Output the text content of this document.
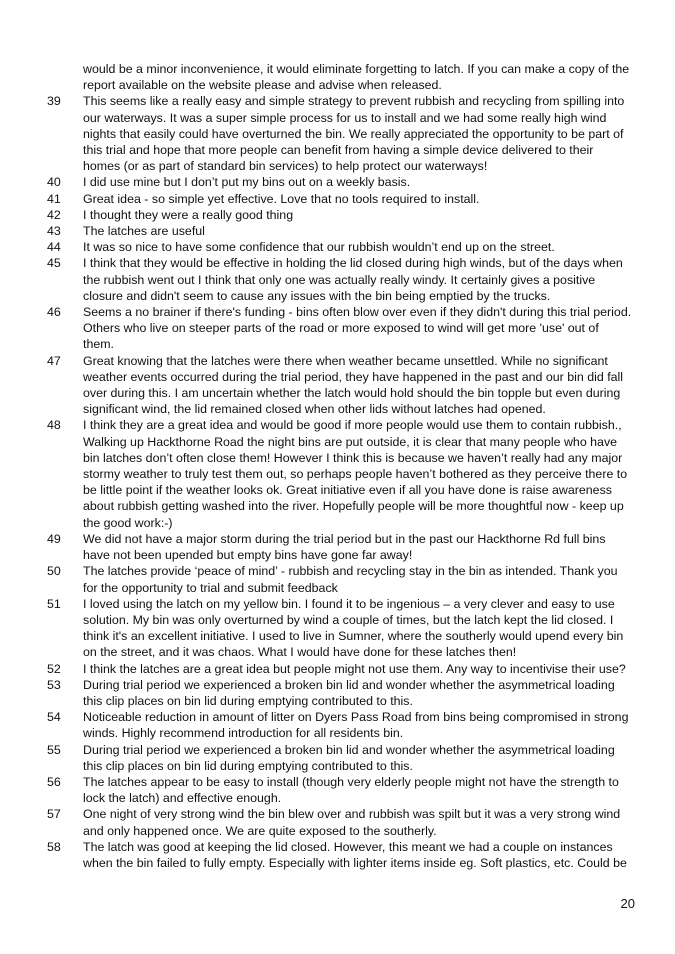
would be a minor inconvenience, it would eliminate forgetting to latch. If you can make a copy of the
report available on the website please and advise when released.
39	This seems like a really easy and simple strategy to prevent rubbish and recycling from spilling into
our waterways. It was a super simple process for us to install and we had some really high wind
nights that easily could have overturned the bin. We really appreciated the opportunity to be part of
this trial and hope that more people can benefit from having a simple device delivered to their
homes (or as part of standard bin services) to help protect our waterways!
40	I did use mine but I don’t put my bins out on a weekly basis.
41	Great idea - so simple yet effective. Love that no tools required to install.
42	I thought they were a really good thing
43	The latches are useful
44	It was so nice to have some confidence that our rubbish wouldn’t end up on the street.
45	I think that they would be effective in holding the lid closed during high winds, but of the days when
the rubbish went out I think that only one was actually really windy. It certainly gives a positive
closure and didn't seem to cause any issues with the bin being emptied by the trucks.
46	Seems a no brainer if there's funding - bins often blow over even if they didn't during this trial period.
Others who live on steeper parts of the road or more exposed to wind will get more 'use' out of
them.
47	Great knowing that the latches were there when weather became unsettled. While no significant
weather events occurred during the trial period, they have happened in the past and our bin did fall
over during this. I am uncertain whether the latch would hold should the bin topple but even during
significant wind, the lid remained closed when other lids without latches had opened.
48	I think they are a great idea and would be good if more people would use them to contain rubbish.,
Walking up Hackthorne Road the night bins are put outside, it is clear that many people who have
bin latches don’t often close them! However I think this is because we haven’t really had any major
stormy weather to truly test them out, so perhaps people haven’t bothered as they perceive there to
be little point if the weather looks ok. Great initiative even if all you have done is raise awareness
about rubbish getting washed into the river. Hopefully people will be more thoughtful now - keep up
the good work:-)
49	We did not have a major storm during the trial period but in the past our Hackthorne Rd full bins
have not been upended but empty bins have gone far away!
50	The latches provide ‘peace of mind’ - rubbish and recycling stay in the bin as intended. Thank you
for the opportunity to trial and submit feedback
51	I loved using the latch on my yellow bin. I found it to be ingenious – a very clever and easy to use
solution. My bin was only overturned by wind a couple of times, but the latch kept the lid closed. I
think it's an excellent initiative. I used to live in Sumner, where the southerly would upend every bin
on the street, and it was chaos. What I would have done for these latches then!
52	I think the latches are a great idea but people might not use them. Any way to incentivise their use?
53	During trial period we experienced a broken bin lid and wonder whether the asymmetrical loading
this clip places on bin lid during emptying contributed to this.
54	Noticeable reduction in amount of litter on Dyers Pass Road from bins being compromised in strong
winds. Highly recommend introduction for all residents bin.
55	During trial period we experienced a broken bin lid and wonder whether the asymmetrical loading
this clip places on bin lid during emptying contributed to this.
56	The latches appear to be easy to install (though very elderly people might not have the strength to
lock the latch) and effective enough.
57	One night of very strong wind the bin blew over and rubbish was spilt but it was a very strong wind
and only happened once. We are quite exposed to the southerly.
58	The latch was good at keeping the lid closed. However, this meant we had a couple on instances
when the bin failed to fully empty. Especially with lighter items inside eg. Soft plastics, etc. Could be
20
